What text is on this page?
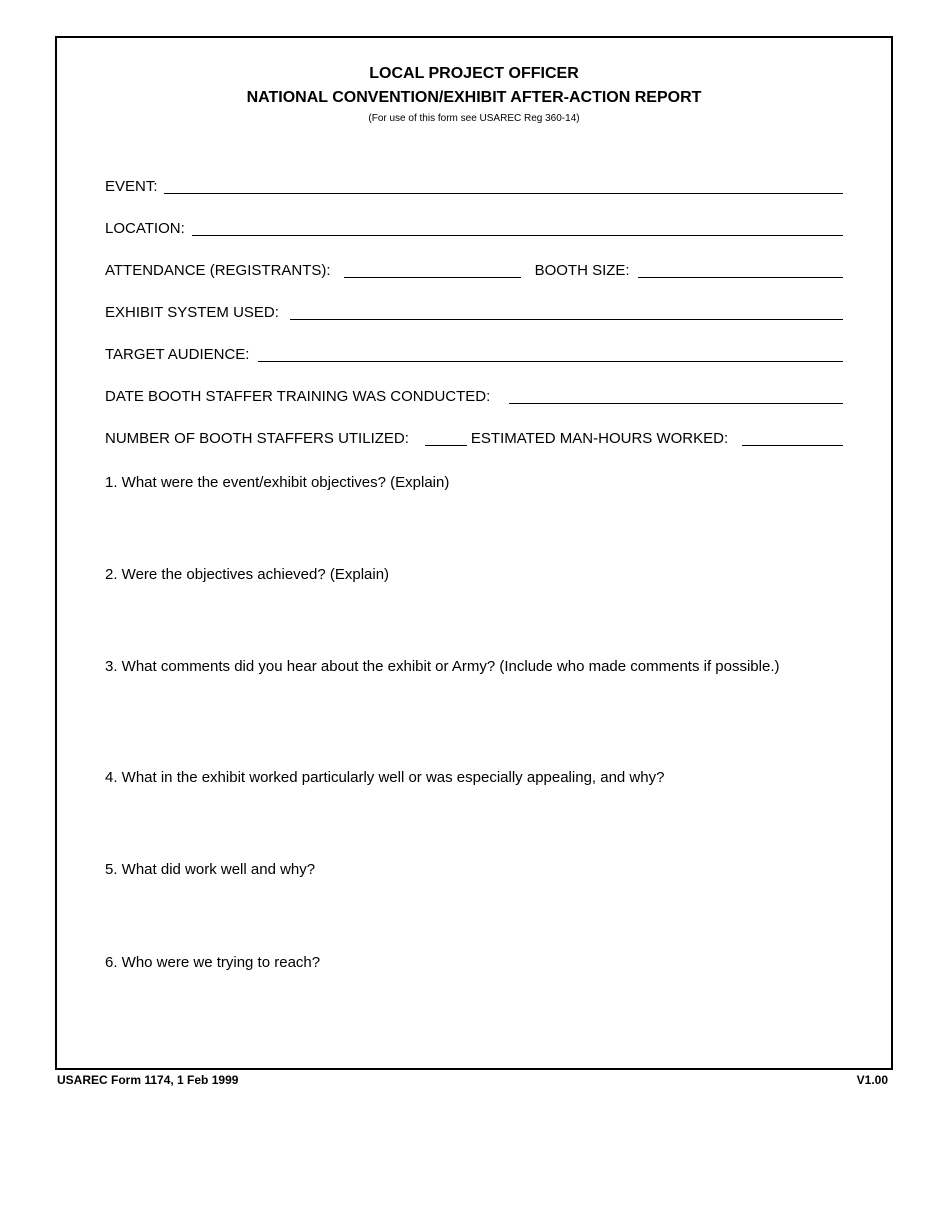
LOCAL PROJECT OFFICER
NATIONAL CONVENTION/EXHIBIT AFTER-ACTION REPORT
(For use of this form see USAREC Reg 360-14)
EVENT:
LOCATION:
ATTENDANCE (REGISTRANTS):	BOOTH SIZE:
EXHIBIT SYSTEM USED:
TARGET AUDIENCE:
DATE BOOTH STAFFER TRAINING WAS CONDUCTED:
NUMBER OF BOOTH STAFFERS UTILIZED:	ESTIMATED MAN-HOURS WORKED:
1. What were the event/exhibit objectives? (Explain)
2. Were the objectives achieved? (Explain)
3. What comments did you hear about the exhibit or Army? (Include who made comments if possible.)
4. What in the exhibit worked particularly well or was especially appealing, and why?
5. What did work well and why?
6. Who were we trying to reach?
USAREC Form 1174, 1 Feb 1999	V1.00
